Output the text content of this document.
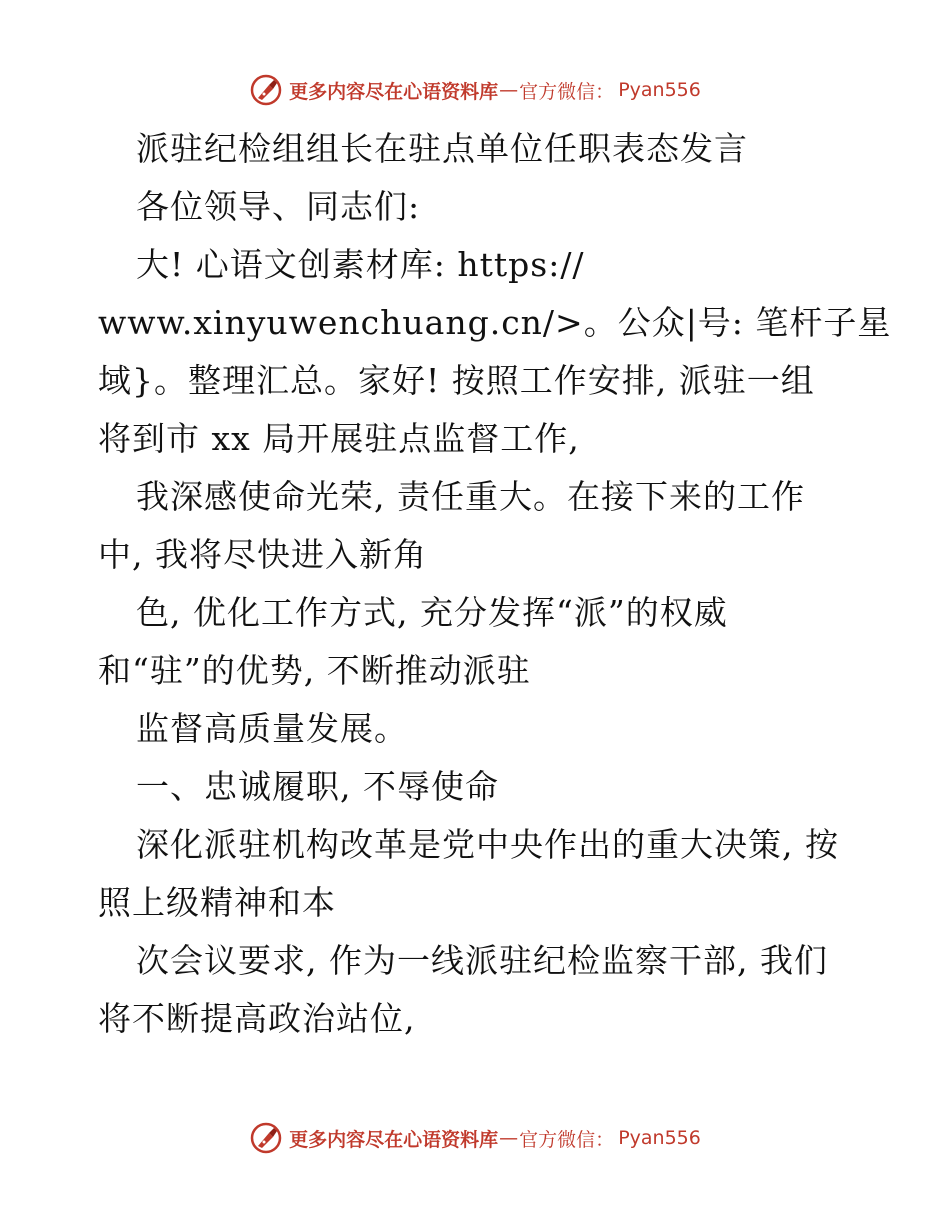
更多内容尽在心语资料库 — 官方微信： Pyan556
派驻纪检组组长在驻点单位任职表态发言
各位领导、同志们:
大! 心语文创素材库: https://
www.xinyuwenchuang.cn/>。公众|号: 笔杆子星
域}。整理汇总。家好! 按照工作安排, 派驻一组
将到市 xx 局开展驻点监督工作,
我深感使命光荣, 责任重大。在接下来的工作
中, 我将尽快进入新角
色, 优化工作方式, 充分发挥“派”的权威
和“驻”的优势, 不断推动派驻
监督高质量发展。
一、忠诚履职, 不辱使命
深化派驻机构改革是党中央作出的重大决策, 按
照上级精神和本
次会议要求, 作为一线派驻纪检监察干部, 我们
将不断提高政治站位,
更多内容尽在心语资料库 — 官方微信： Pyan556
